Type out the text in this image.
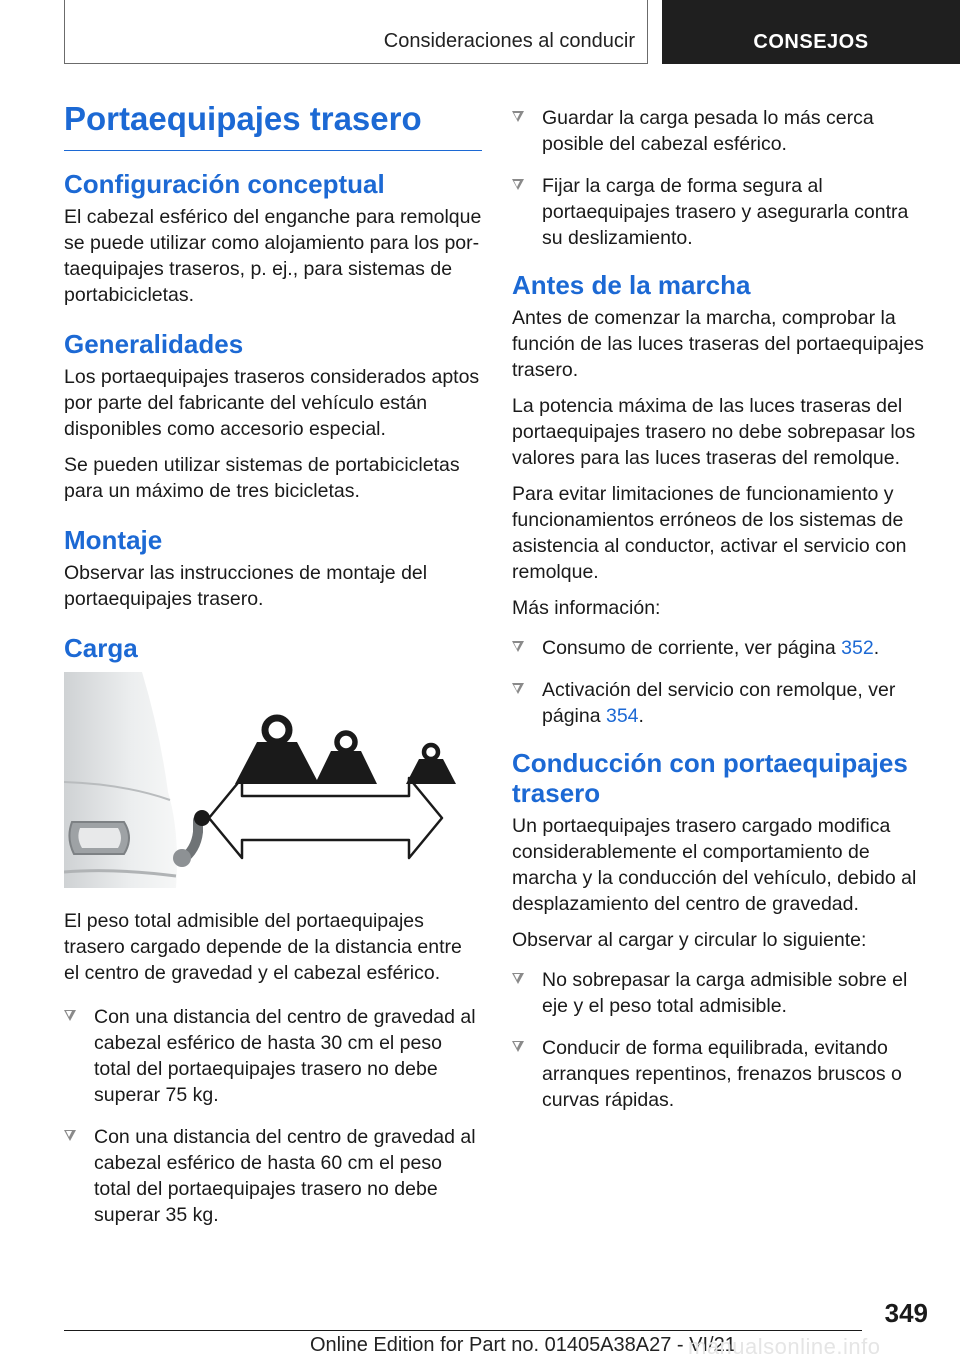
Consideraciones al conducir	CONSEJOS
Portaequipajes trasero
Configuración conceptual

El cabezal esférico del enganche para remolque se puede utilizar como alojamiento para los portaequipajes traseros, p. ej., para sistemas de portabicicletas.

Generalidades

Los portaequipajes traseros considerados aptos por parte del fabricante del vehículo están disponibles como accesorio especial.

Se pueden utilizar sistemas de portabicicletas para un máximo de tres bicicletas.

Montaje

Observar las instrucciones de montaje del portaequipajes trasero.

Carga

El peso total admisible del portaequipajes trasero cargado depende de la distancia entre el centro de gravedad y el cabezal esférico.

Con una distancia del centro de gravedad al cabezal esférico de hasta 30 cm el peso total del portaequipajes trasero no debe superar 75 kg.
Con una distancia del centro de gravedad al cabezal esférico de hasta 60 cm el peso total del portaequipajes trasero no debe superar 35 kg.
Guardar la carga pesada lo más cerca posible del cabezal esférico.
Fijar la carga de forma segura al portaequipajes trasero y asegurarla contra su deslizamiento.
Antes de la marcha

Antes de comenzar la marcha, comprobar la función de las luces traseras del portaequipajes trasero.

La potencia máxima de las luces traseras del portaequipajes trasero no debe sobrepasar los valores para las luces traseras del remolque.

Para evitar limitaciones de funcionamiento y funcionamientos erróneos de los sistemas de asistencia al conductor, activar el servicio con remolque.

Más información:

Consumo de corriente, ver página 352.
Activación del servicio con remolque, ver página 354.
Conducción con portaequipajes trasero

Un portaequipajes trasero cargado modifica considerablemente el comportamiento de marcha y la conducción del vehículo, debido al desplazamiento del centro de gravedad.

Observar al cargar y circular lo siguiente:

No sobrepasar la carga admisible sobre el eje y el peso total admisible.
Conducir de forma equilibrada, evitando arranques repentinos, frenazos bruscos o curvas rápidas.
349
Online Edition for Part no. 01405A38A27 - VI/21
manualsonline.info
